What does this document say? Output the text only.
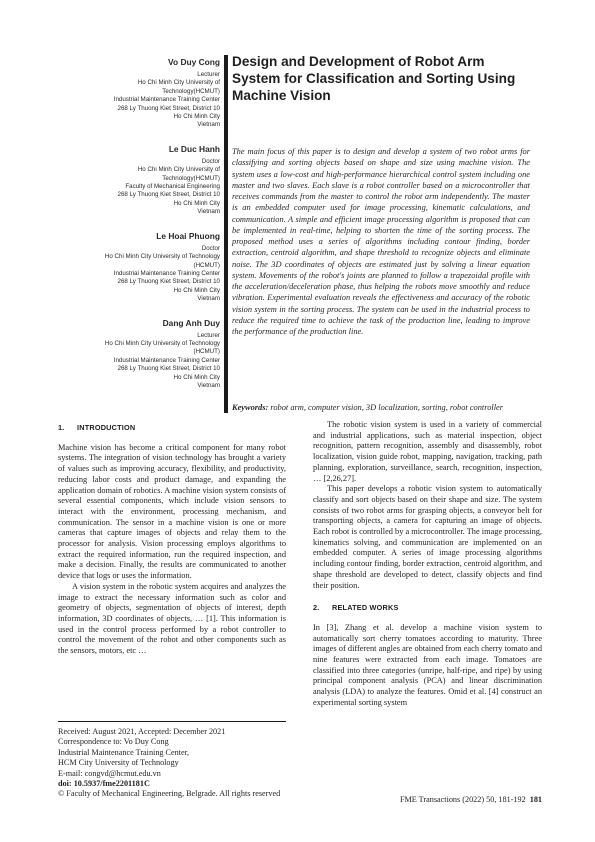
Vo Duy Cong
Lecturer
Ho Chi Minh City University of
Technology(HCMUT)
Industrial Maintenance Training Center
268 Ly Thuong Kiet Street, District 10
Ho Chi Minh City
Vietnam
Le Duc Hanh
Doctor
Ho Chi Minh City University of
Technology(HCMUT)
Faculty of Mechanical Engineering
268 Ly Thuong Kiet Street, District 10
Ho Chi Minh City
Vietnam
Le Hoai Phuong
Doctor
Ho Chi Minh City University of Technology
(HCMUT)
Industrial Maintenance Training Center
268 Ly Thuong Kiet Street, District 10
Ho Chi Minh City
Vietnam
Dang Anh Duy
Lecturer
Ho Chi Minh City University of Technology
(HCMUT)
Industrial Maintenance Training Center
268 Ly Thuong Kiet Street, District 10
Ho Chi Minh City
Vietnam
Design and Development of Robot Arm System for Classification and Sorting Using Machine Vision

The main focus of this paper is to design and develop a system of two robot arms for classifying and sorting objects based on shape and size using machine vision. The system uses a low-cost and high-performance hierarchical control system including one master and two slaves. Each slave is a robot controller based on a microcontroller that receives commands from the master to control the robot arm independently. The master is an embedded computer used for image processing, kinematic calculations, and communication. A simple and efficient image processing algorithm is proposed that can be implemented in real-time, helping to shorten the time of the sorting process. The proposed method uses a series of algorithms including contour finding, border extraction, centroid algorithm, and shape threshold to recognize objects and eliminate noise. The 3D coordinates of objects are estimated just by solving a linear equation system. Movements of the robot's joints are planned to follow a trapezoidal profile with the acceleration/deceleration phase, thus helping the robots move smoothly and reduce vibration. Experimental evaluation reveals the effectiveness and accuracy of the robotic vision system in the sorting process. The system can be used in the industrial process to reduce the required time to achieve the task of the production line, leading to improve the performance of the production line.

Keywords: robot arm, computer vision, 3D localization, sorting, robot controller

1. INTRODUCTION

Machine vision has become a critical component for many robot systems. The integration of vision technology has brought a variety of values such as improving accuracy, flexibility, and productivity, reducing labor costs and product damage, and expanding the application domain of robotics. A machine vision system consists of several essential components, which include vision sensors to interact with the environment, processing mechanism, and communication. The sensor in a machine vision is one or more cameras that capture images of objects and relay them to the processor for analysis. Vision processing employs algorithms to extract the required information, run the required inspection, and make a decision. Finally, the results are communicated to another device that logs or uses the information.

A vision system in the robotic system acquires and analyzes the image to extract the necessary information such as color and geometry of objects, segmentation of objects of interest, depth information, 3D coordinates of objects, … [1]. This information is used in the control process performed by a robot controller to control the movement of the robot and other components such as the sensors, motors, etc …

The robotic vision system is used in a variety of commercial and industrial applications, such as material inspection, object recognition, pattern recognition, assembly and disassembly, robot localization, vision guide robot, mapping, navigation, tracking, path planning, exploration, surveillance, search, recognition, inspection, … [2,26,27].

This paper develops a robotic vision system to automatically classify and sort objects based on their shape and size. The system consists of two robot arms for grasping objects, a conveyor belt for transporting objects, a camera for capturing an image of objects. Each robot is controlled by a microcontroller. The image processing, kinematics solving, and communication are implemented on an embedded computer. A series of image processing algorithms including contour finding, border extraction, centroid algorithm, and shape threshold are developed to detect, classify objects and find their position.

2. RELATED WORKS

In [3], Zhang et al. develop a machine vision system to automatically sort cherry tomatoes according to maturity. Three images of different angles are obtained from each cherry tomato and nine features were extracted from each image. Tomatoes are classified into three categories (unripe, half-ripe, and ripe) by using principal component analysis (PCA) and linear discrimination analysis (LDA) to analyze the features. Omid et al. [4] construct an experimental sorting system

Received: August 2021, Accepted: December 2021
Correspondence to: Vo Duy Cong
Industrial Maintenance Training Center,
HCM City University of Technology
E-mail: congvd@hcmut.edu.vn
doi: 10.5937/fme2201181C
© Faculty of Mechanical Engineering, Belgrade. All rights reserved
FME Transactions (2022) 50, 181-192 181
